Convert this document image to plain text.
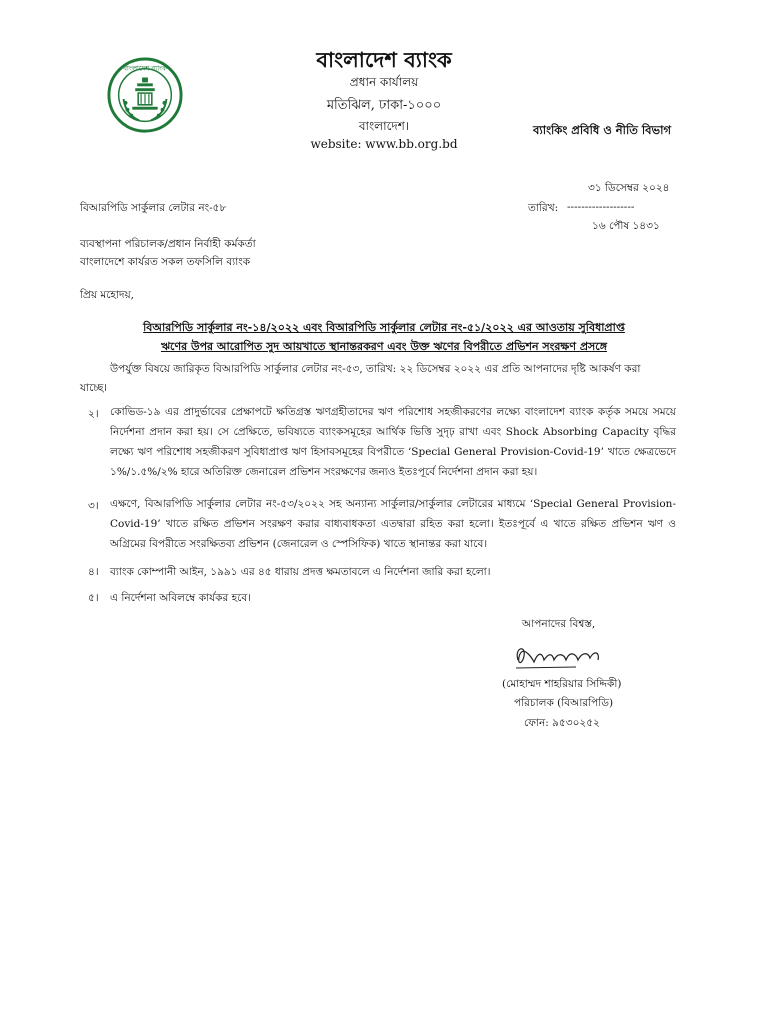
বাংলাদেশ ব্যাংক	বাংলাদেশ ব্যাংক
প্রধান কার্যালয়
মতিঝিল, ঢাকা-১০০০
বাংলাদেশ।
website: www.bb.org.bd
ব্যাংকিং প্রবিধি ও নীতি বিভাগ
৩১ ডিসেম্বর ২০২৪
বিআরপিডি সার্কুলার লেটার নং-৫৮	তারিখ: -------------------
১৬ পৌষ ১৪৩১
ব্যবস্থাপনা পরিচালক/প্রধান নির্বাহী কর্মকর্তা
বাংলাদেশে কার্যরত সকল তফসিলি ব্যাংক
প্রিয় মহোদয়,
বিআরপিডি সার্কুলার নং-১৪/২০২২ এবং বিআরপিডি সার্কুলার লেটার নং-৫১/২০২২ এর আওতায় সুবিধাপ্রাপ্ত
ঋণের উপর আরোপিত সুদ আয়খাতে স্থানান্তরকরণ এবং উক্ত ঋণের বিপরীতে প্রভিশন সংরক্ষণ প্রসঙ্গে
উপর্যুক্ত বিষয়ে জারিকৃত বিআরপিডি সার্কুলার লেটার নং-৫৩, তারিখ: ২২ ডিসেম্বর ২০২২ এর প্রতি আপনাদের দৃষ্টি আকর্ষণ করা
যাচ্ছে।
২। কোভিড-১৯ এর প্রাদুর্ভাবের প্রেক্ষাপটে ক্ষতিগ্রস্ত ঋণগ্রহীতাদের ঋণ পরিশোধ সহজীকরণের লক্ষ্যে বাংলাদেশ ব্যাংক কর্তৃক সময়ে সময়ে নির্দেশনা প্রদান করা হয়। সে প্রেক্ষিতে, ভবিষ্যতে ব্যাংকসমূহের আর্থিক ভিত্তি সুদৃঢ় রাখা এবং Shock Absorbing Capacity বৃদ্ধির লক্ষ্যে ঋণ পরিশোধ সহজীকরণ সুবিধাপ্রাপ্ত ঋণ হিসাবসমূহের বিপরীতে ‘Special General Provision-Covid-19’ খাতে ক্ষেত্রভেদে ১%/১.৫%/২% হারে অতিরিক্ত জেনারেল প্রভিশন সংরক্ষণের জন্যও ইতঃপূর্বে নির্দেশনা প্রদান করা হয়।
৩। এক্ষণে, বিআরপিডি সার্কুলার লেটার নং-৫৩/২০২২ সহ অন্যান্য সার্কুলার/সার্কুলার লেটারের মাধ্যমে ‘Special General Provision-Covid-19’ খাতে রক্ষিত প্রভিশন সংরক্ষণ করার বাধ্যবাধকতা এতদ্বারা রহিত করা হলো। ইতঃপূর্বে এ খাতে রক্ষিত প্রভিশন ঋণ ও অগ্রিমের বিপরীতে সংরক্ষিতব্য প্রভিশন (জেনারেল ও স্পেসিফিক) খাতে স্থানান্তর করা যাবে।
৪। ব্যাংক কোম্পানী আইন, ১৯৯১ এর ৪৫ ধারায় প্রদত্ত ক্ষমতাবলে এ নির্দেশনা জারি করা হলো।
৫। এ নির্দেশনা অবিলম্বে কার্যকর হবে।
আপনাদের বিশ্বস্ত,
(মোহাম্মদ শাহরিয়ার সিদ্দিকী)
পরিচালক (বিআরপিডি)
ফোন: ৯৫৩০২৫২
